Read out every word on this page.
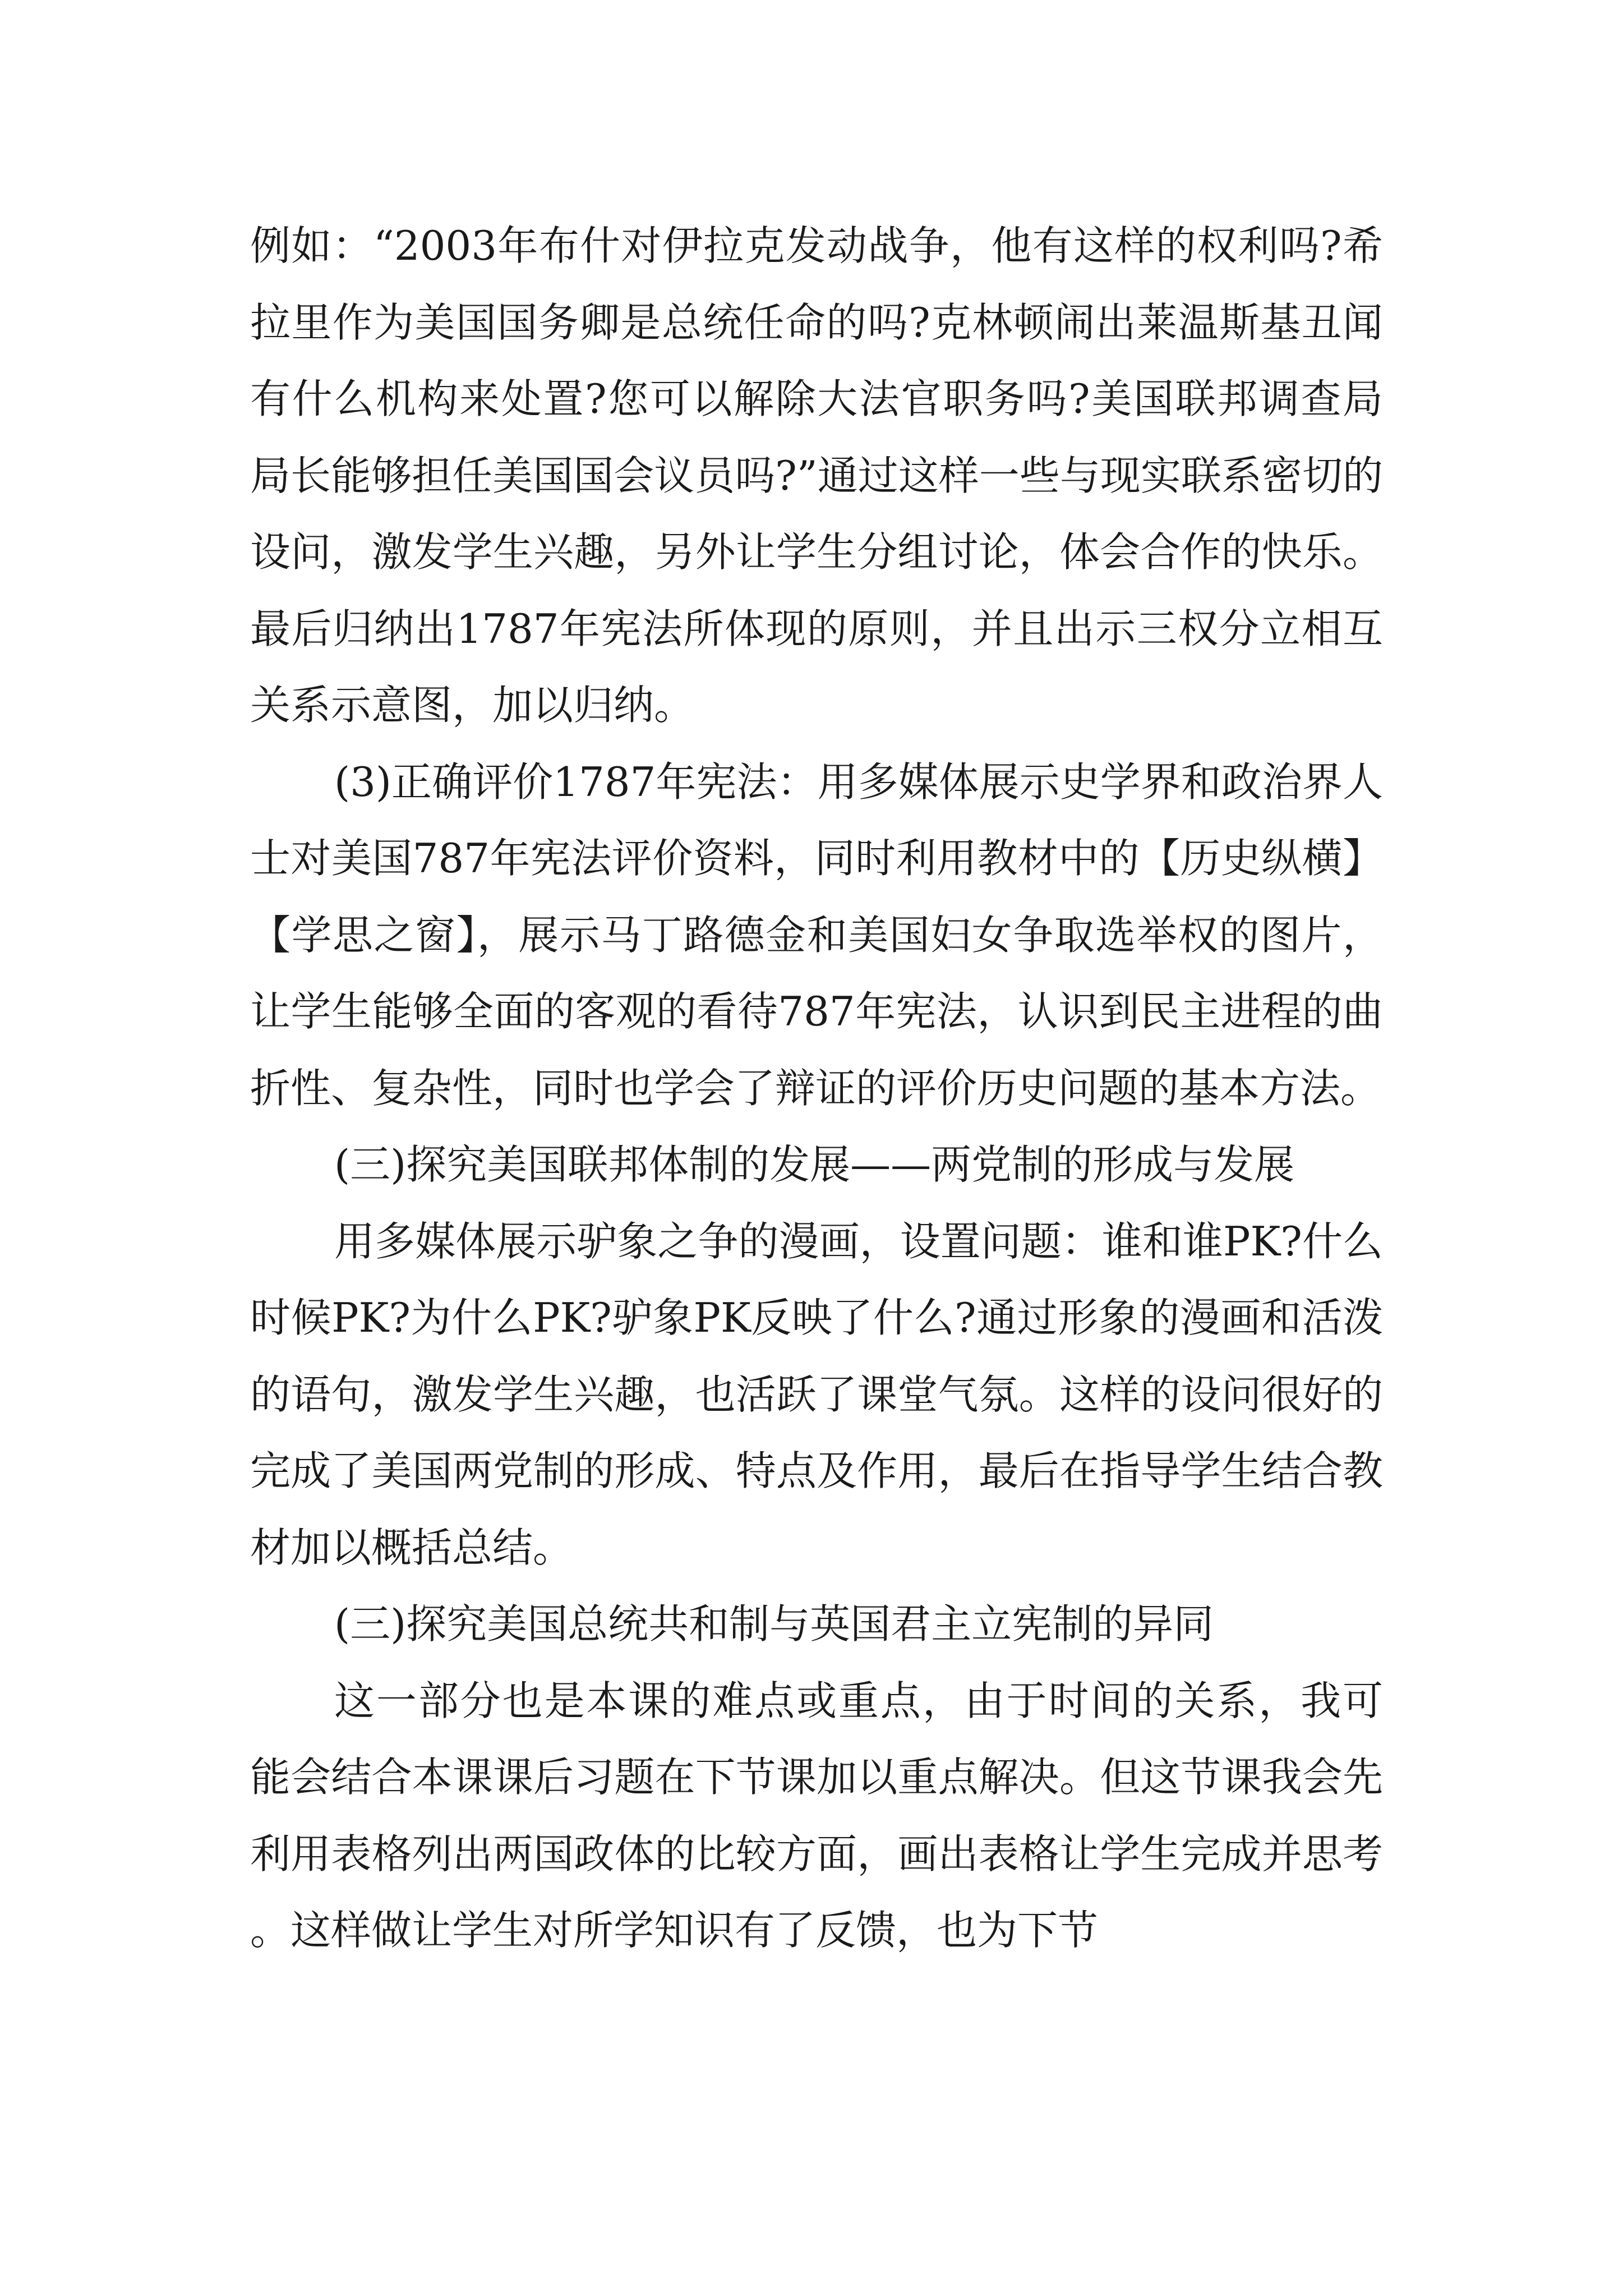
例如：“2003年布什对伊拉克发动战争，他有这样的权利吗?希拉里作为美国国务卿是总统任命的吗?克林顿闹出莱温斯基丑闻有什么机构来处置?您可以解除大法官职务吗?美国联邦调查局局长能够担任美国国会议员吗?”通过这样一些与现实联系密切的设问，激发学生兴趣，另外让学生分组讨论，体会合作的快乐。最后归纳出1787年宪法所体现的原则，并且出示三权分立相互关系示意图，加以归纳。

(3)正确评价1787年宪法：用多媒体展示史学界和政治界人士对美国787年宪法评价资料，同时利用教材中的【历史纵横】【学思之窗】，展示马丁路德金和美国妇女争取选举权的图片，让学生能够全面的客观的看待787年宪法，认识到民主进程的曲折性、复杂性，同时也学会了辩证的评价历史问题的基本方法。

(三)探究美国联邦体制的发展——两党制的形成与发展

用多媒体展示驴象之争的漫画，设置问题：谁和谁PK?什么时候PK?为什么PK?驴象PK反映了什么?通过形象的漫画和活泼的语句，激发学生兴趣，也活跃了课堂气氛。这样的设问很好的完成了美国两党制的形成、特点及作用，最后在指导学生结合教材加以概括总结。

(三)探究美国总统共和制与英国君主立宪制的异同

这一部分也是本课的难点或重点，由于时间的关系，我可能会结合本课课后习题在下节课加以重点解决。但这节课我会先利用表格列出两国政体的比较方面，画出表格让学生完成并思考。这样做让学生对所学知识有了反馈，也为下节
